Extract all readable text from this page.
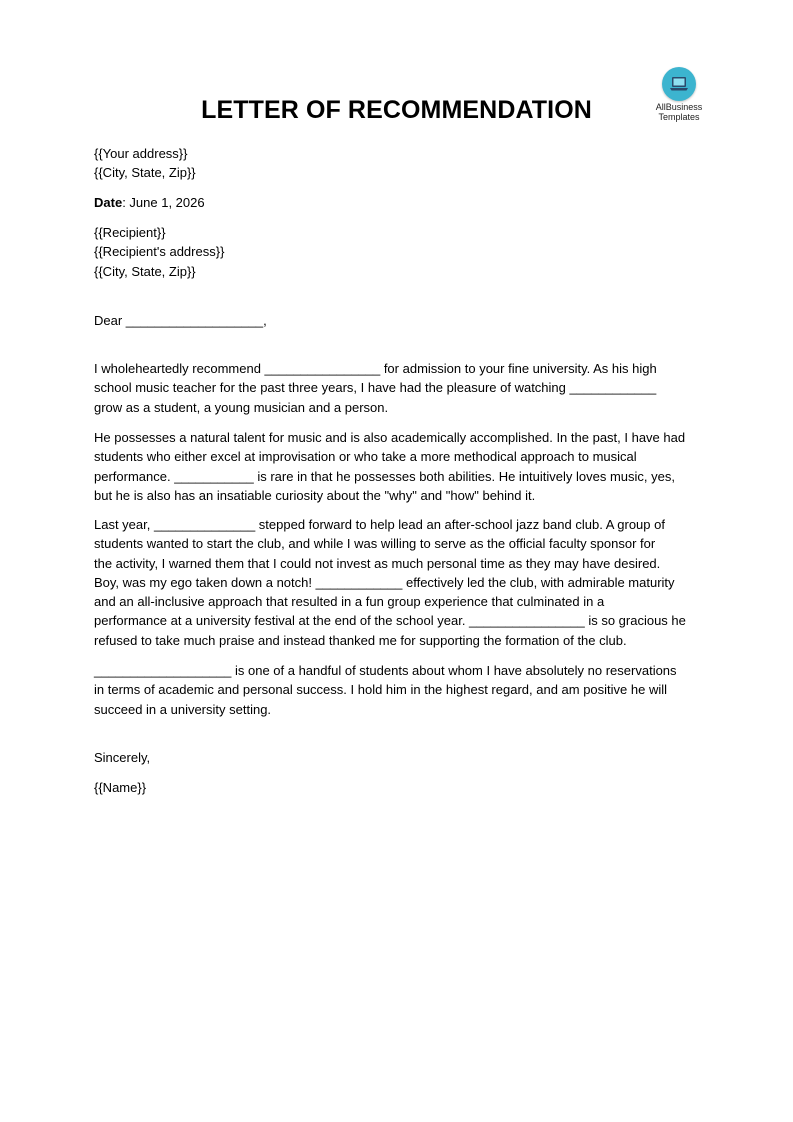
AllBusiness
Templates
LETTER OF RECOMMENDATION
{{Your address}}
{{City, State, Zip}}
Date: June 1, 2026
{{Recipient}}
{{Recipient's address}}
{{City, State, Zip}}
Dear ___________________,
I wholeheartedly recommend ________________ for admission to your fine university. As his high
school music teacher for the past three years, I have had the pleasure of watching ____________
grow as a student, a young musician and a person.
He possesses a natural talent for music and is also academically accomplished. In the past, I have had
students who either excel at improvisation or who take a more methodical approach to musical
performance. ___________ is rare in that he possesses both abilities. He intuitively loves music, yes,
but he is also has an insatiable curiosity about the "why" and "how" behind it.
Last year, ______________ stepped forward to help lead an after-school jazz band club. A group of
students wanted to start the club, and while I was willing to serve as the official faculty sponsor for
the activity, I warned them that I could not invest as much personal time as they may have desired.
Boy, was my ego taken down a notch! ____________ effectively led the club, with admirable maturity
and an all-inclusive approach that resulted in a fun group experience that culminated in a
performance at a university festival at the end of the school year. ________________ is so gracious he
refused to take much praise and instead thanked me for supporting the formation of the club.
___________________ is one of a handful of students about whom I have absolutely no reservations
in terms of academic and personal success. I hold him in the highest regard, and am positive he will
succeed in a university setting.
Sincerely,
{{Name}}
